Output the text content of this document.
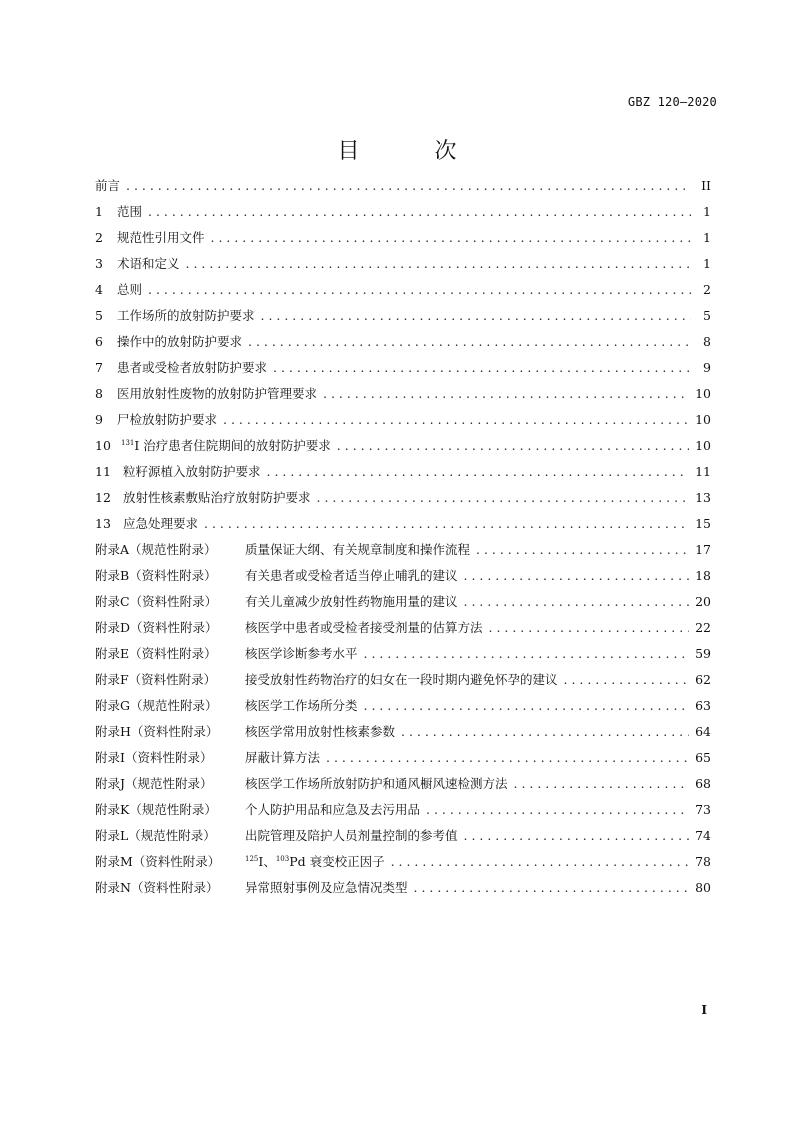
GBZ 120—2020
目 次
前言 . . .	II
1 范围 . . .	1
2 规范性引用文件 . . .	1
3 术语和定义 . . .	1
4 总则 . . .	2
5 工作场所的放射防护要求 . . .	5
6 操作中的放射防护要求 . . .	8
7 患者或受检者放射防护要求 . . .	9
8 医用放射性废物的放射防护管理要求 . . .	10
9 尸检放射防护要求 . . .	10
10 $^{131}$I 治疗患者住院期间的放射防护要求 . . .	10
11 粒籽源植入放射防护要求 . . .	11
12 放射性核素敷贴治疗放射防护要求 . . .	13
13 应急处理要求 . . .	15
附录A（规范性附录） 质量保证大纲、有关规章制度和操作流程 . . .	17
附录B（资料性附录） 有关患者或受检者适当停止哺乳的建议 . . .	18
附录C（资料性附录） 有关儿童减少放射性药物施用量的建议 . . .	20
附录D（资料性附录） 核医学中患者或受检者接受剂量的估算方法 . . .	22
附录E（资料性附录） 核医学诊断参考水平 . . .	59
附录F（资料性附录） 接受放射性药物治疗的妇女在一段时期内避免怀孕的建议 . . .	62
附录G（规范性附录） 核医学工作场所分类 . . .	63
附录H（资料性附录） 核医学常用放射性核素参数 . . .	64
附录I（资料性附录）	屏蔽计算方法 . . .	65
附录J（规范性附录）	核医学工作场所放射防护和通风橱风速检测方法 . . .	68
附录K（规范性附录） 个人防护用品和应急及去污用品 . . .	73
附录L（规范性附录） 出院管理及陪护人员剂量控制的参考值 . . .	74
附录M（资料性附录）	$^{125}$I、$^{103}$Pd 衰变校正因子 . . .	78
附录N（资料性附录） 异常照射事例及应急情况类型 . . .	80
I
